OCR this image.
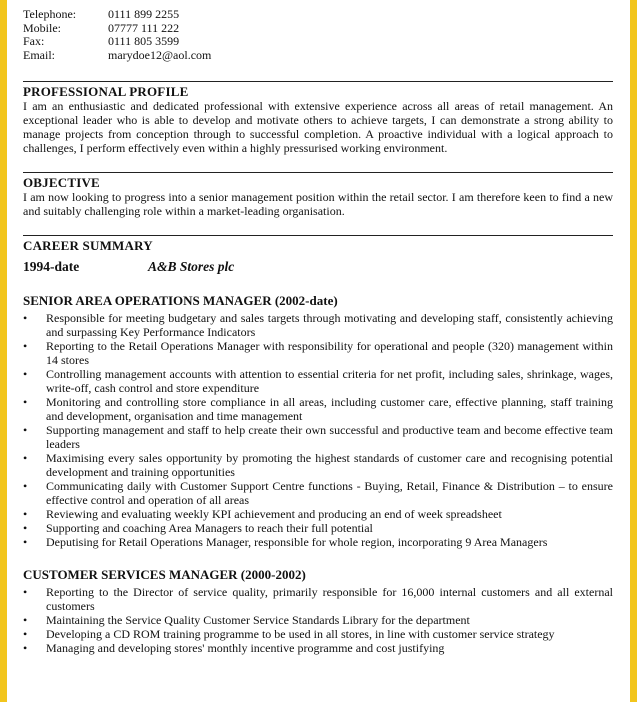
Telephone:	0111 899 2255
Mobile:	07777 111 222
Fax:	0111 805 3599
Email:	marydoe12@aol.com
PROFESSIONAL PROFILE

I am an enthusiastic and dedicated professional with extensive experience across all areas of retail management. An exceptional leader who is able to develop and motivate others to achieve targets, I can demonstrate a strong ability to manage projects from conception through to successful completion. A proactive individual with a logical approach to challenges, I perform effectively even within a highly pressurised working environment.

OBJECTIVE

I am now looking to progress into a senior management position within the retail sector. I am therefore keen to find a new and suitably challenging role within a market-leading organisation.

CAREER SUMMARY
1994-date	A&B Stores plc
SENIOR AREA OPERATIONS MANAGER (2002-date)
• Responsible for meeting budgetary and sales targets through motivating and developing staff, consistently achieving and surpassing Key Performance Indicators
• Reporting to the Retail Operations Manager with responsibility for operational and people (320) management within 14 stores
• Controlling management accounts with attention to essential criteria for net profit, including sales, shrinkage, wages, write-off, cash control and store expenditure
• Monitoring and controlling store compliance in all areas, including customer care, effective planning, staff training and development, organisation and time management
• Supporting management and staff to help create their own successful and productive team and become effective team leaders
• Maximising every sales opportunity by promoting the highest standards of customer care and recognising potential development and training opportunities
• Communicating daily with Customer Support Centre functions - Buying, Retail, Finance & Distribution – to ensure effective control and operation of all areas
• Reviewing and evaluating weekly KPI achievement and producing an end of week spreadsheet
• Supporting and coaching Area Managers to reach their full potential
• Deputising for Retail Operations Manager, responsible for whole region, incorporating 9 Area Managers
CUSTOMER SERVICES MANAGER (2000-2002)
• Reporting to the Director of service quality, primarily responsible for 16,000 internal customers and all external customers
• Maintaining the Service Quality Customer Service Standards Library for the department
• Developing a CD ROM training programme to be used in all stores, in line with customer service strategy
• Managing and developing stores' monthly incentive programme and cost justifying
